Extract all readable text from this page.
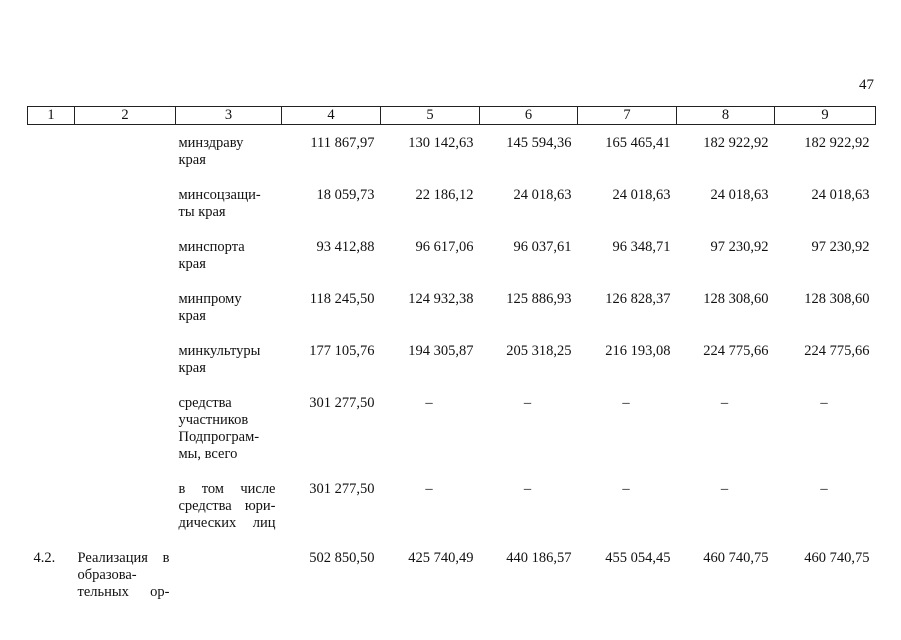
47
1	2	3	4	5	6	7	8	9

		минздраву
края	111 867,97	130 142,63	145 594,36	165 465,41	182 922,92	182 922,92

		минсоцзащи-
ты края	18 059,73	22 186,12	24 018,63	24 018,63	24 018,63	24 018,63

		минспорта
края	93 412,88	96 617,06	96 037,61	96 348,71	97 230,92	97 230,92

		минпрому
края	118 245,50	124 932,38	125 886,93	126 828,37	128 308,60	128 308,60

		минкультуры
края	177 105,76	194 305,87	205 318,25	216 193,08	224 775,66	224 775,66

		средства
участников
Подпрограм-
мы, всего	301 277,50	–	–	–	–	–

		в том числе
средства юри-
дических лиц	301 277,50	–	–	–	–	–
4.2.	Реализация в
образова-
тельных ор-		502 850,50	425 740,49	440 186,57	455 054,45	460 740,75	460 740,75
